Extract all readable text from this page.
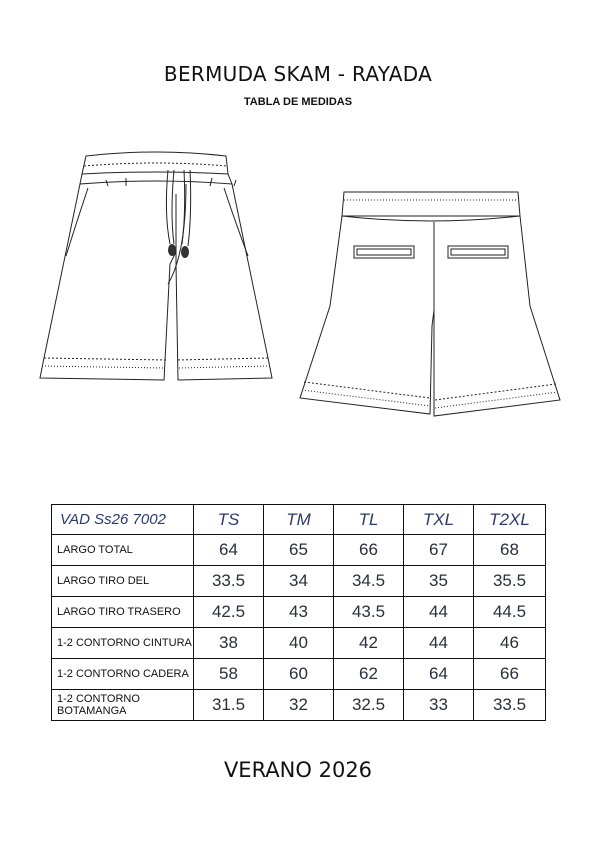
BERMUDA SKAM - RAYADA
TABLA DE MEDIDAS
VAD Ss26 7002	TS	TM	TL	TXL	T2XL
LARGO TOTAL	64	65	66	67	68
LARGO TIRO DEL	33.5	34	34.5	35	35.5
LARGO TIRO TRASERO	42.5	43	43.5	44	44.5
1-2 CONTORNO CINTURA	38	40	42	44	46
1-2 CONTORNO CADERA	58	60	62	64	66
1-2 CONTORNO BOTAMANGA	31.5	32	32.5	33	33.5
VERANO 2026
